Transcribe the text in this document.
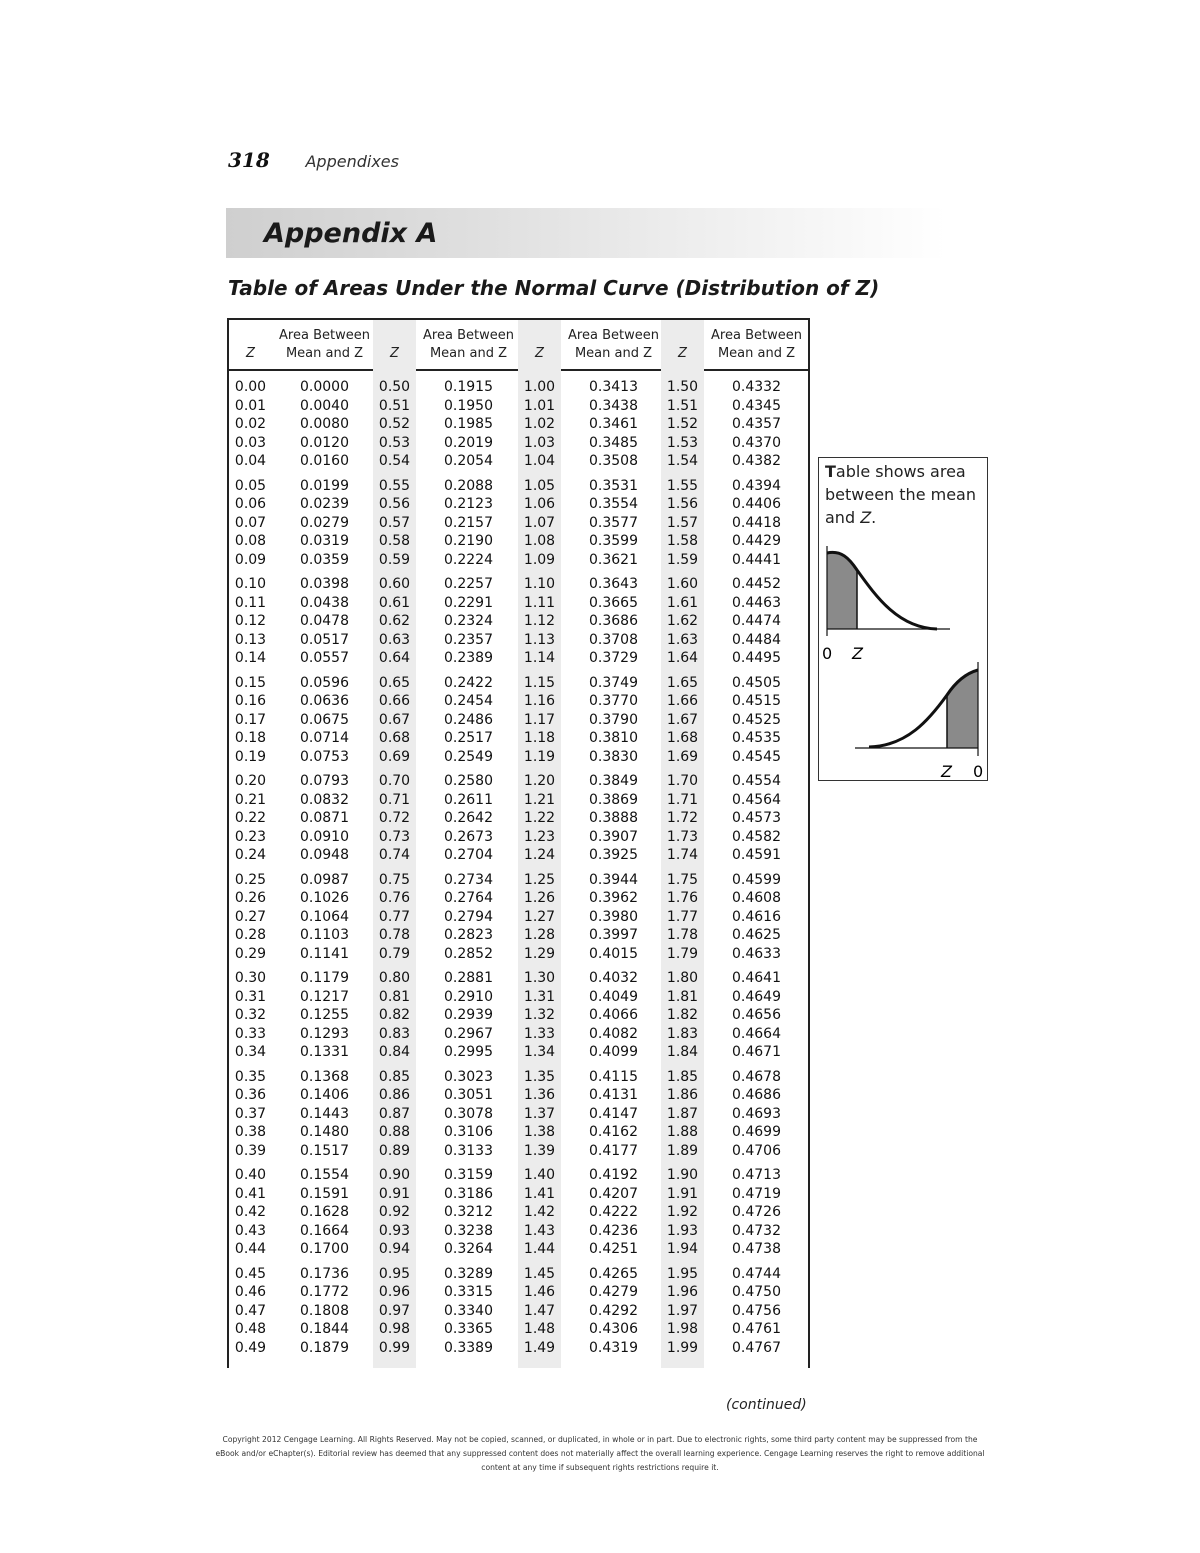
318 Appendixes
Appendix A
Table of Areas Under the Normal Curve (Distribution of Z)
Z
Area Between
Mean and Z	Z
Area Between
Mean and Z	Z
Area Between
Mean and Z	Z
Area Between
Mean and Z
0.00	0.0000	0.50	0.1915	1.00	0.3413	1.50	0.4332
0.01	0.0040	0.51	0.1950	1.01	0.3438	1.51	0.4345
0.02	0.0080	0.52	0.1985	1.02	0.3461	1.52	0.4357
0.03	0.0120	0.53	0.2019	1.03	0.3485	1.53	0.4370
0.04	0.0160	0.54	0.2054	1.04	0.3508	1.54	0.4382
0.05	0.0199	0.55	0.2088	1.05	0.3531	1.55	0.4394
0.06	0.0239	0.56	0.2123	1.06	0.3554	1.56	0.4406
0.07	0.0279	0.57	0.2157	1.07	0.3577	1.57	0.4418
0.08	0.0319	0.58	0.2190	1.08	0.3599	1.58	0.4429
0.09	0.0359	0.59	0.2224	1.09	0.3621	1.59	0.4441
0.10	0.0398	0.60	0.2257	1.10	0.3643	1.60	0.4452
0.11	0.0438	0.61	0.2291	1.11	0.3665	1.61	0.4463
0.12	0.0478	0.62	0.2324	1.12	0.3686	1.62	0.4474
0.13	0.0517	0.63	0.2357	1.13	0.3708	1.63	0.4484
0.14	0.0557	0.64	0.2389	1.14	0.3729	1.64	0.4495
0.15	0.0596	0.65	0.2422	1.15	0.3749	1.65	0.4505
0.16	0.0636	0.66	0.2454	1.16	0.3770	1.66	0.4515
0.17	0.0675	0.67	0.2486	1.17	0.3790	1.67	0.4525
0.18	0.0714	0.68	0.2517	1.18	0.3810	1.68	0.4535
0.19	0.0753	0.69	0.2549	1.19	0.3830	1.69	0.4545
0.20	0.0793	0.70	0.2580	1.20	0.3849	1.70	0.4554
0.21	0.0832	0.71	0.2611	1.21	0.3869	1.71	0.4564
0.22	0.0871	0.72	0.2642	1.22	0.3888	1.72	0.4573
0.23	0.0910	0.73	0.2673	1.23	0.3907	1.73	0.4582
0.24	0.0948	0.74	0.2704	1.24	0.3925	1.74	0.4591
0.25	0.0987	0.75	0.2734	1.25	0.3944	1.75	0.4599
0.26	0.1026	0.76	0.2764	1.26	0.3962	1.76	0.4608
0.27	0.1064	0.77	0.2794	1.27	0.3980	1.77	0.4616
0.28	0.1103	0.78	0.2823	1.28	0.3997	1.78	0.4625
0.29	0.1141	0.79	0.2852	1.29	0.4015	1.79	0.4633
0.30	0.1179	0.80	0.2881	1.30	0.4032	1.80	0.4641
0.31	0.1217	0.81	0.2910	1.31	0.4049	1.81	0.4649
0.32	0.1255	0.82	0.2939	1.32	0.4066	1.82	0.4656
0.33	0.1293	0.83	0.2967	1.33	0.4082	1.83	0.4664
0.34	0.1331	0.84	0.2995	1.34	0.4099	1.84	0.4671
0.35	0.1368	0.85	0.3023	1.35	0.4115	1.85	0.4678
0.36	0.1406	0.86	0.3051	1.36	0.4131	1.86	0.4686
0.37	0.1443	0.87	0.3078	1.37	0.4147	1.87	0.4693
0.38	0.1480	0.88	0.3106	1.38	0.4162	1.88	0.4699
0.39	0.1517	0.89	0.3133	1.39	0.4177	1.89	0.4706
0.40	0.1554	0.90	0.3159	1.40	0.4192	1.90	0.4713
0.41	0.1591	0.91	0.3186	1.41	0.4207	1.91	0.4719
0.42	0.1628	0.92	0.3212	1.42	0.4222	1.92	0.4726
0.43	0.1664	0.93	0.3238	1.43	0.4236	1.93	0.4732
0.44	0.1700	0.94	0.3264	1.44	0.4251	1.94	0.4738
0.45	0.1736	0.95	0.3289	1.45	0.4265	1.95	0.4744
0.46	0.1772	0.96	0.3315	1.46	0.4279	1.96	0.4750
0.47	0.1808	0.97	0.3340	1.47	0.4292	1.97	0.4756
0.48	0.1844	0.98	0.3365	1.48	0.4306	1.98	0.4761
0.49	0.1879	0.99	0.3389	1.49	0.4319	1.99	0.4767
Table shows area between the mean and Z.
0 Z
Z 0
(continued)
Copyright 2012 Cengage Learning. All Rights Reserved. May not be copied, scanned, or duplicated, in whole or in part. Due to electronic rights, some third party content may be suppressed from the
eBook and/or eChapter(s). Editorial review has deemed that any suppressed content does not materially affect the overall learning experience. Cengage Learning reserves the right to remove additional
content at any time if subsequent rights restrictions require it.
